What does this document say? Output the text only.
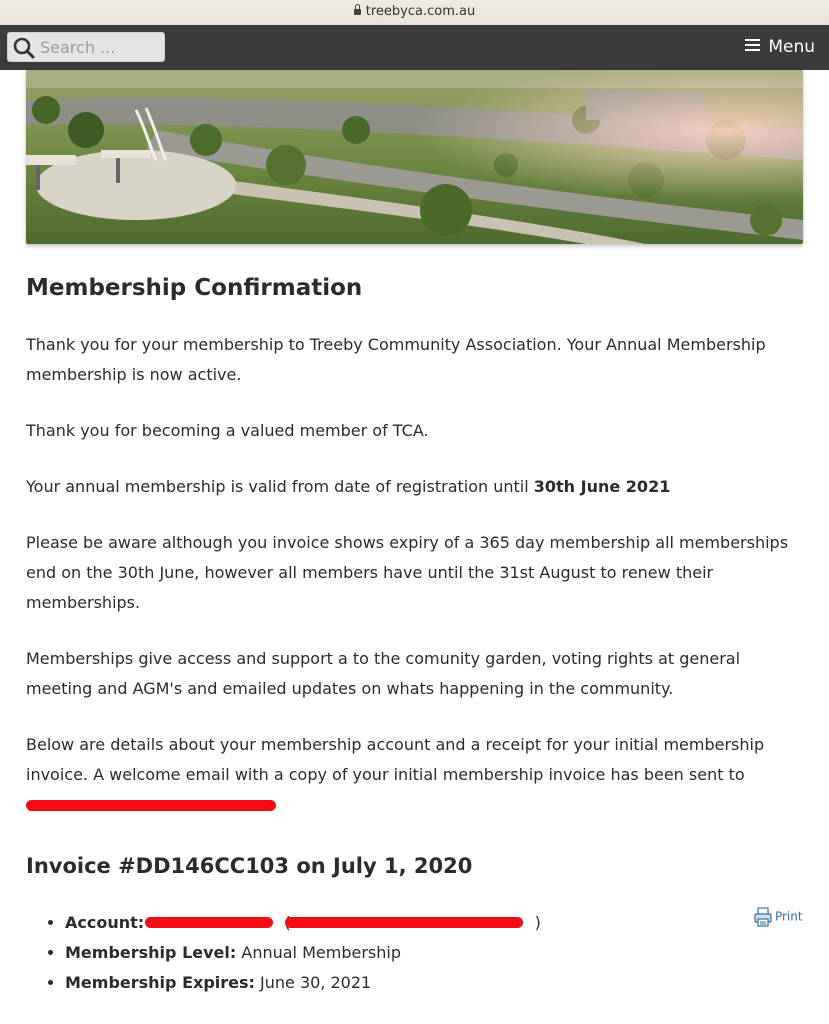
treebyca.com.au
Search ...
Menu
Membership Confirmation

Thank you for your membership to Treeby Community Association. Your Annual Membership membership is now active.

Thank you for becoming a valued member of TCA.

Your annual membership is valid from date of registration until 30th June 2021

Please be aware although you invoice shows expiry of a 365 day membership all memberships end on the 30th June, however all members have until the 31st August to renew their memberships.

Memberships give access and support a to the comunity garden, voting rights at general meeting and AGM's and emailed updates on whats happening in the community.

Below are details about your membership account and a receipt for your initial membership invoice. A welcome email with a copy of your initial membership invoice has been sent to

Invoice #DD146CC103 on July 1, 2020
Print
• Account:	)
• Membership Level: Annual Membership
• Membership Expires: June 30, 2021
